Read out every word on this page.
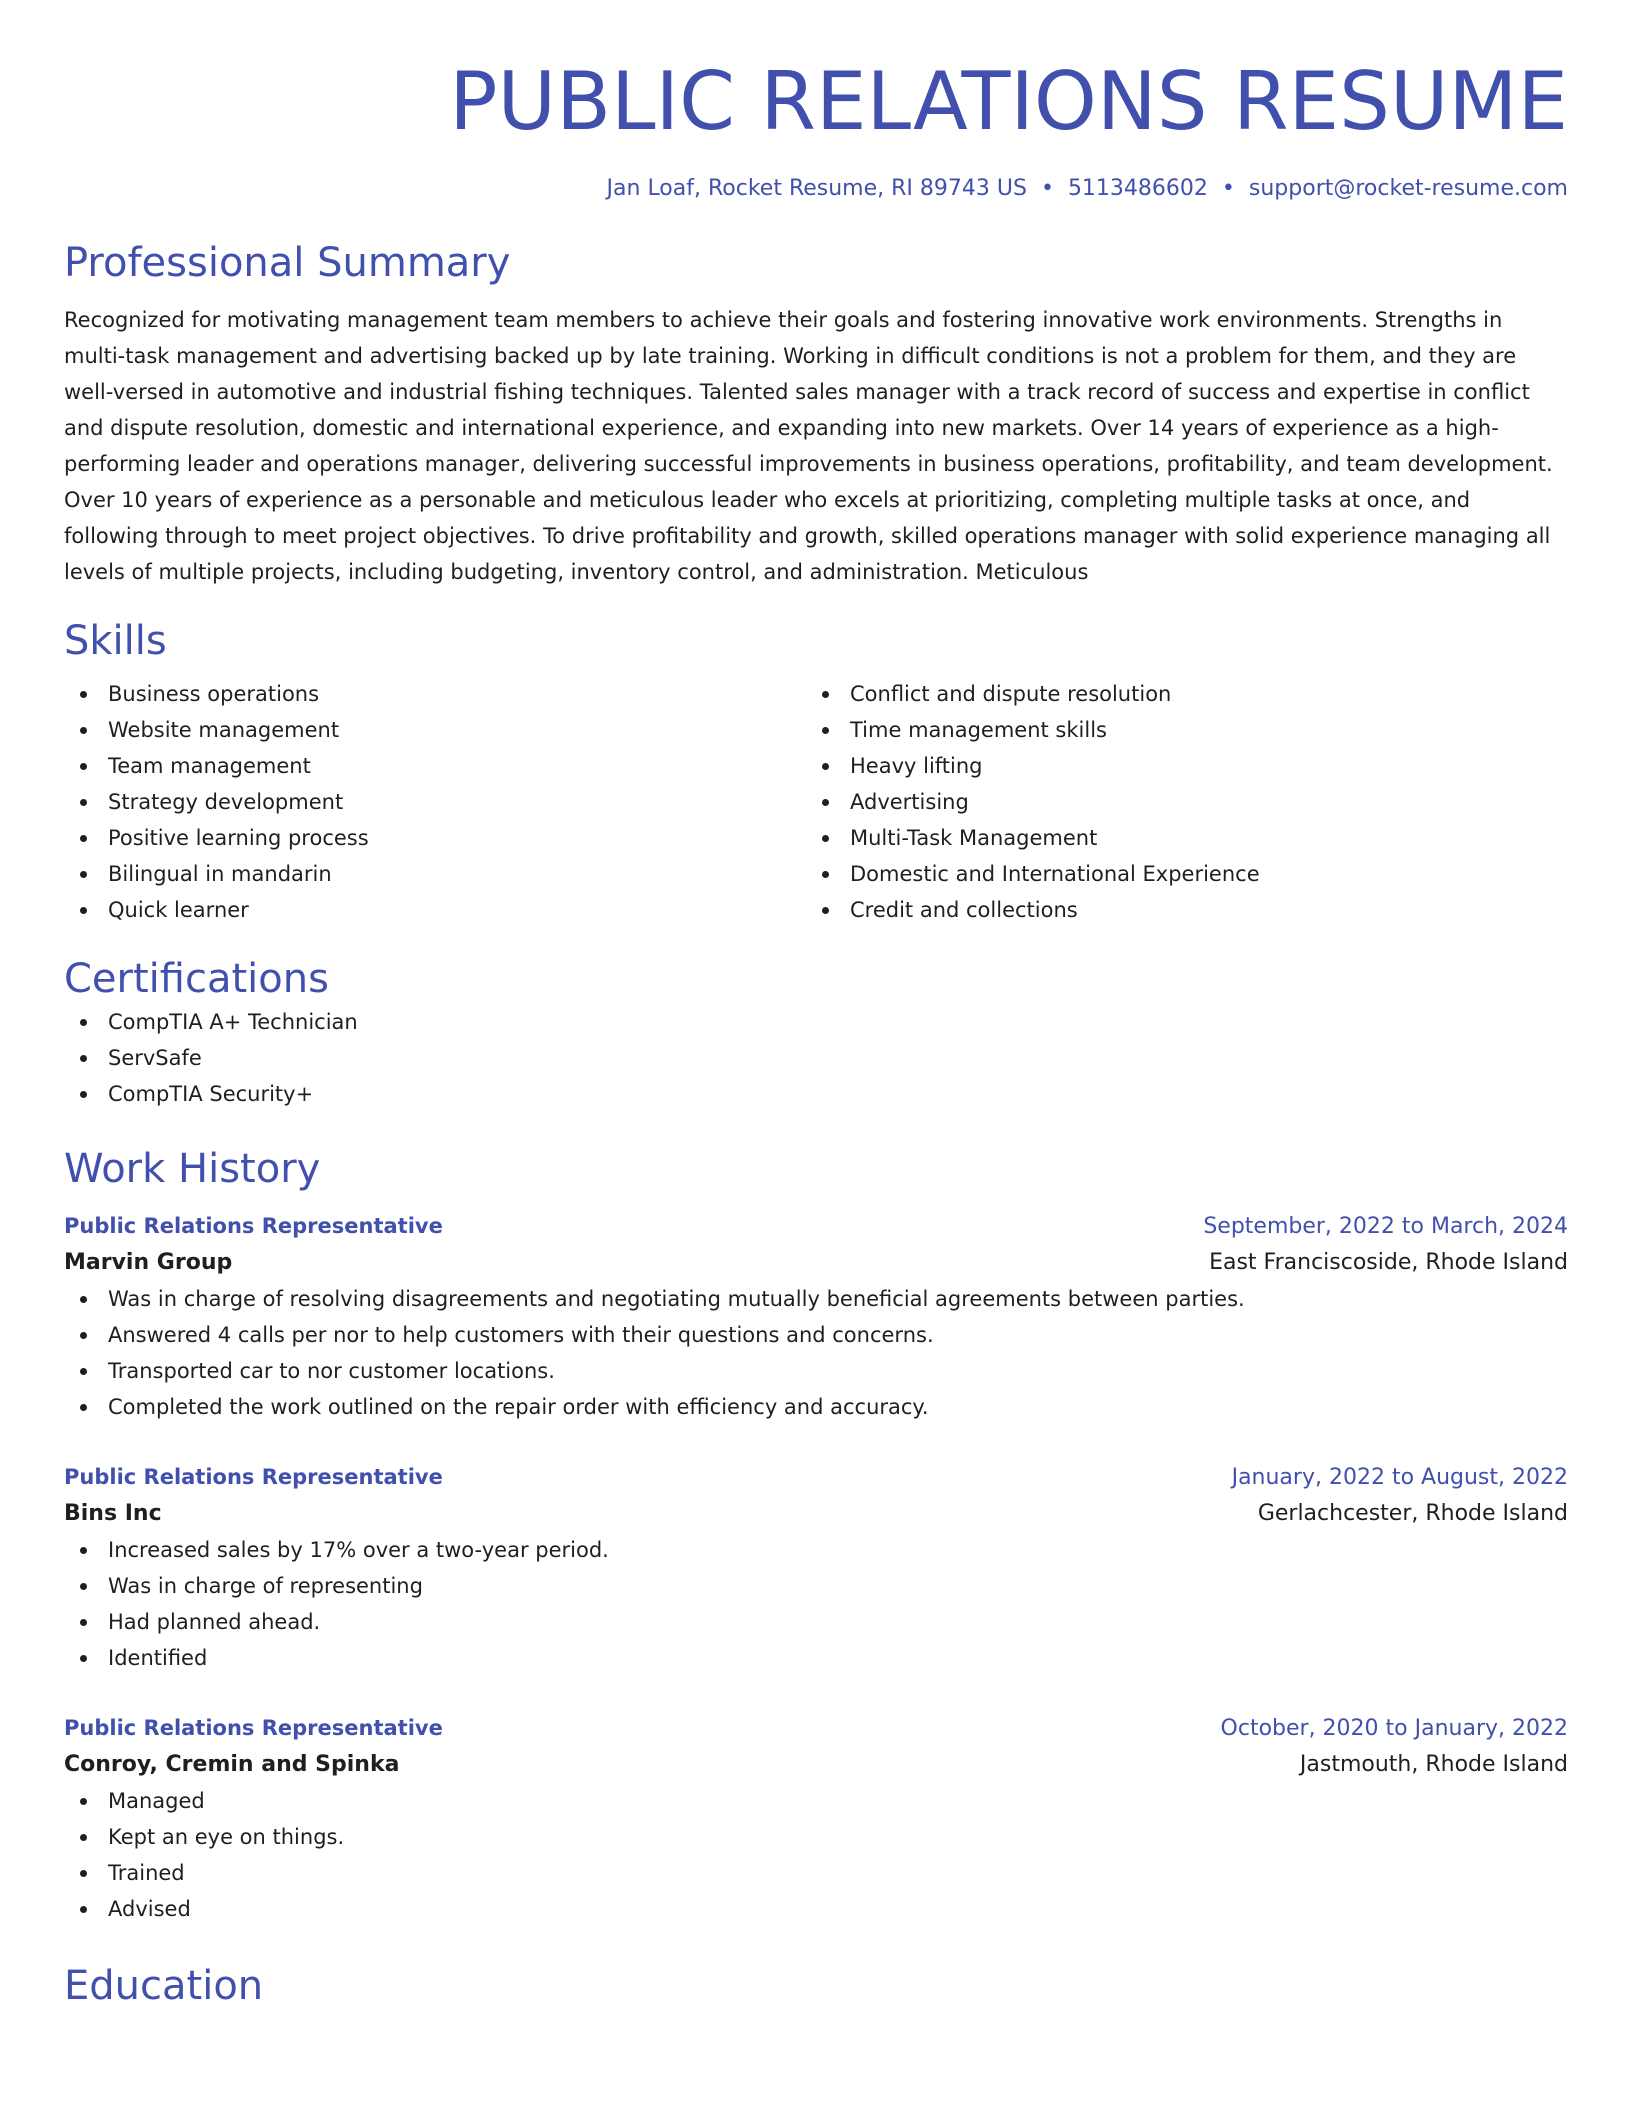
PUBLIC RELATIONS RESUME
Jan Loaf, Rocket Resume, RI 89743 US • 5113486602 • support@rocket-resume.com
Professional Summary
Recognized for motivating management team members to achieve their goals and fostering innovative work environments. Strengths in multi-task management and advertising backed up by late training. Working in difficult conditions is not a problem for them, and they are well-versed in automotive and industrial fishing techniques. Talented sales manager with a track record of success and expertise in conflict and dispute resolution, domestic and international experience, and expanding into new markets. Over 14 years of experience as a high-performing leader and operations manager, delivering successful improvements in business operations, profitability, and team development. Over 10 years of experience as a personable and meticulous leader who excels at prioritizing, completing multiple tasks at once, and following through to meet project objectives. To drive profitability and growth, skilled operations manager with solid experience managing all levels of multiple projects, including budgeting, inventory control, and administration. Meticulous
Skills
Business operations
Website management
Team management
Strategy development
Positive learning process
Bilingual in mandarin
Quick learner
Conflict and dispute resolution
Time management skills
Heavy lifting
Advertising
Multi-Task Management
Domestic and International Experience
Credit and collections
Certifications
CompTIA A+ Technician
ServSafe
CompTIA Security+
Work History
Public Relations Representative	September, 2022 to March, 2024
Marvin Group	East Franciscoside, Rhode Island
Was in charge of resolving disagreements and negotiating mutually beneficial agreements between parties.
Answered 4 calls per nor to help customers with their questions and concerns.
Transported car to nor customer locations.
Completed the work outlined on the repair order with efficiency and accuracy.
Public Relations Representative	January, 2022 to August, 2022
Bins Inc	Gerlachcester, Rhode Island
Increased sales by 17% over a two-year period.
Was in charge of representing
Had planned ahead.
Identified
Public Relations Representative	October, 2020 to January, 2022
Conroy, Cremin and Spinka	Jastmouth, Rhode Island
Managed
Kept an eye on things.
Trained
Advised
Education
